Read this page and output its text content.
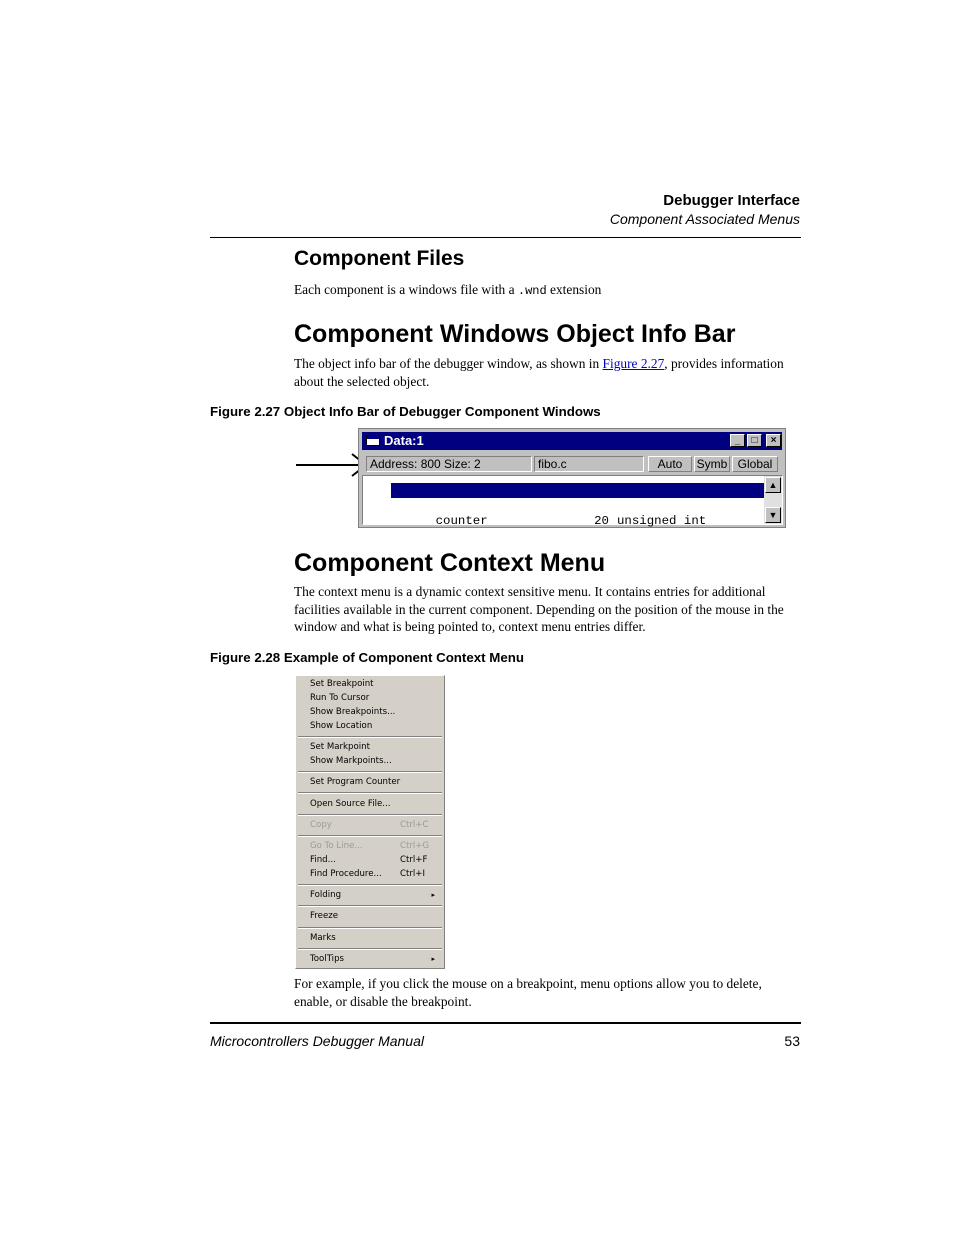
Debugger Interface
Component Associated Menus
Component Files
Each component is a windows file with a .wnd extension
Component Windows Object Info Bar
The object info bar of the debugger window, as shown in Figure 2.27, provides information about the selected object.
Figure 2.27 Object Info Bar of Debugger Component Windows
Data:1	_	□	×
Address: 800 Size: 2	fibo.c	Auto	Symb Global

fiboCount	4181 unsigned int

counter	20 unsigned int

▲
▼
Component Context Menu
The context menu is a dynamic context sensitive menu. It contains entries for additional facilities available in the current component. Depending on the position of the mouse in the window and what is being pointed to, context menu entries differ.
Figure 2.28 Example of Component Context Menu
Set Breakpoint
Run To Cursor
Show Breakpoints...
Show Location
Set Markpoint
Show Markpoints...
Set Program Counter
Open Source File...
Copy	Ctrl+C
Go To Line...	Ctrl+G
Find...	Ctrl+F
Find Procedure... Ctrl+I
Folding	▸
Freeze
Marks
ToolTips	▸
For example, if you click the mouse on a breakpoint, menu options allow you to delete, enable, or disable the breakpoint.
Microcontrollers Debugger Manual	53
